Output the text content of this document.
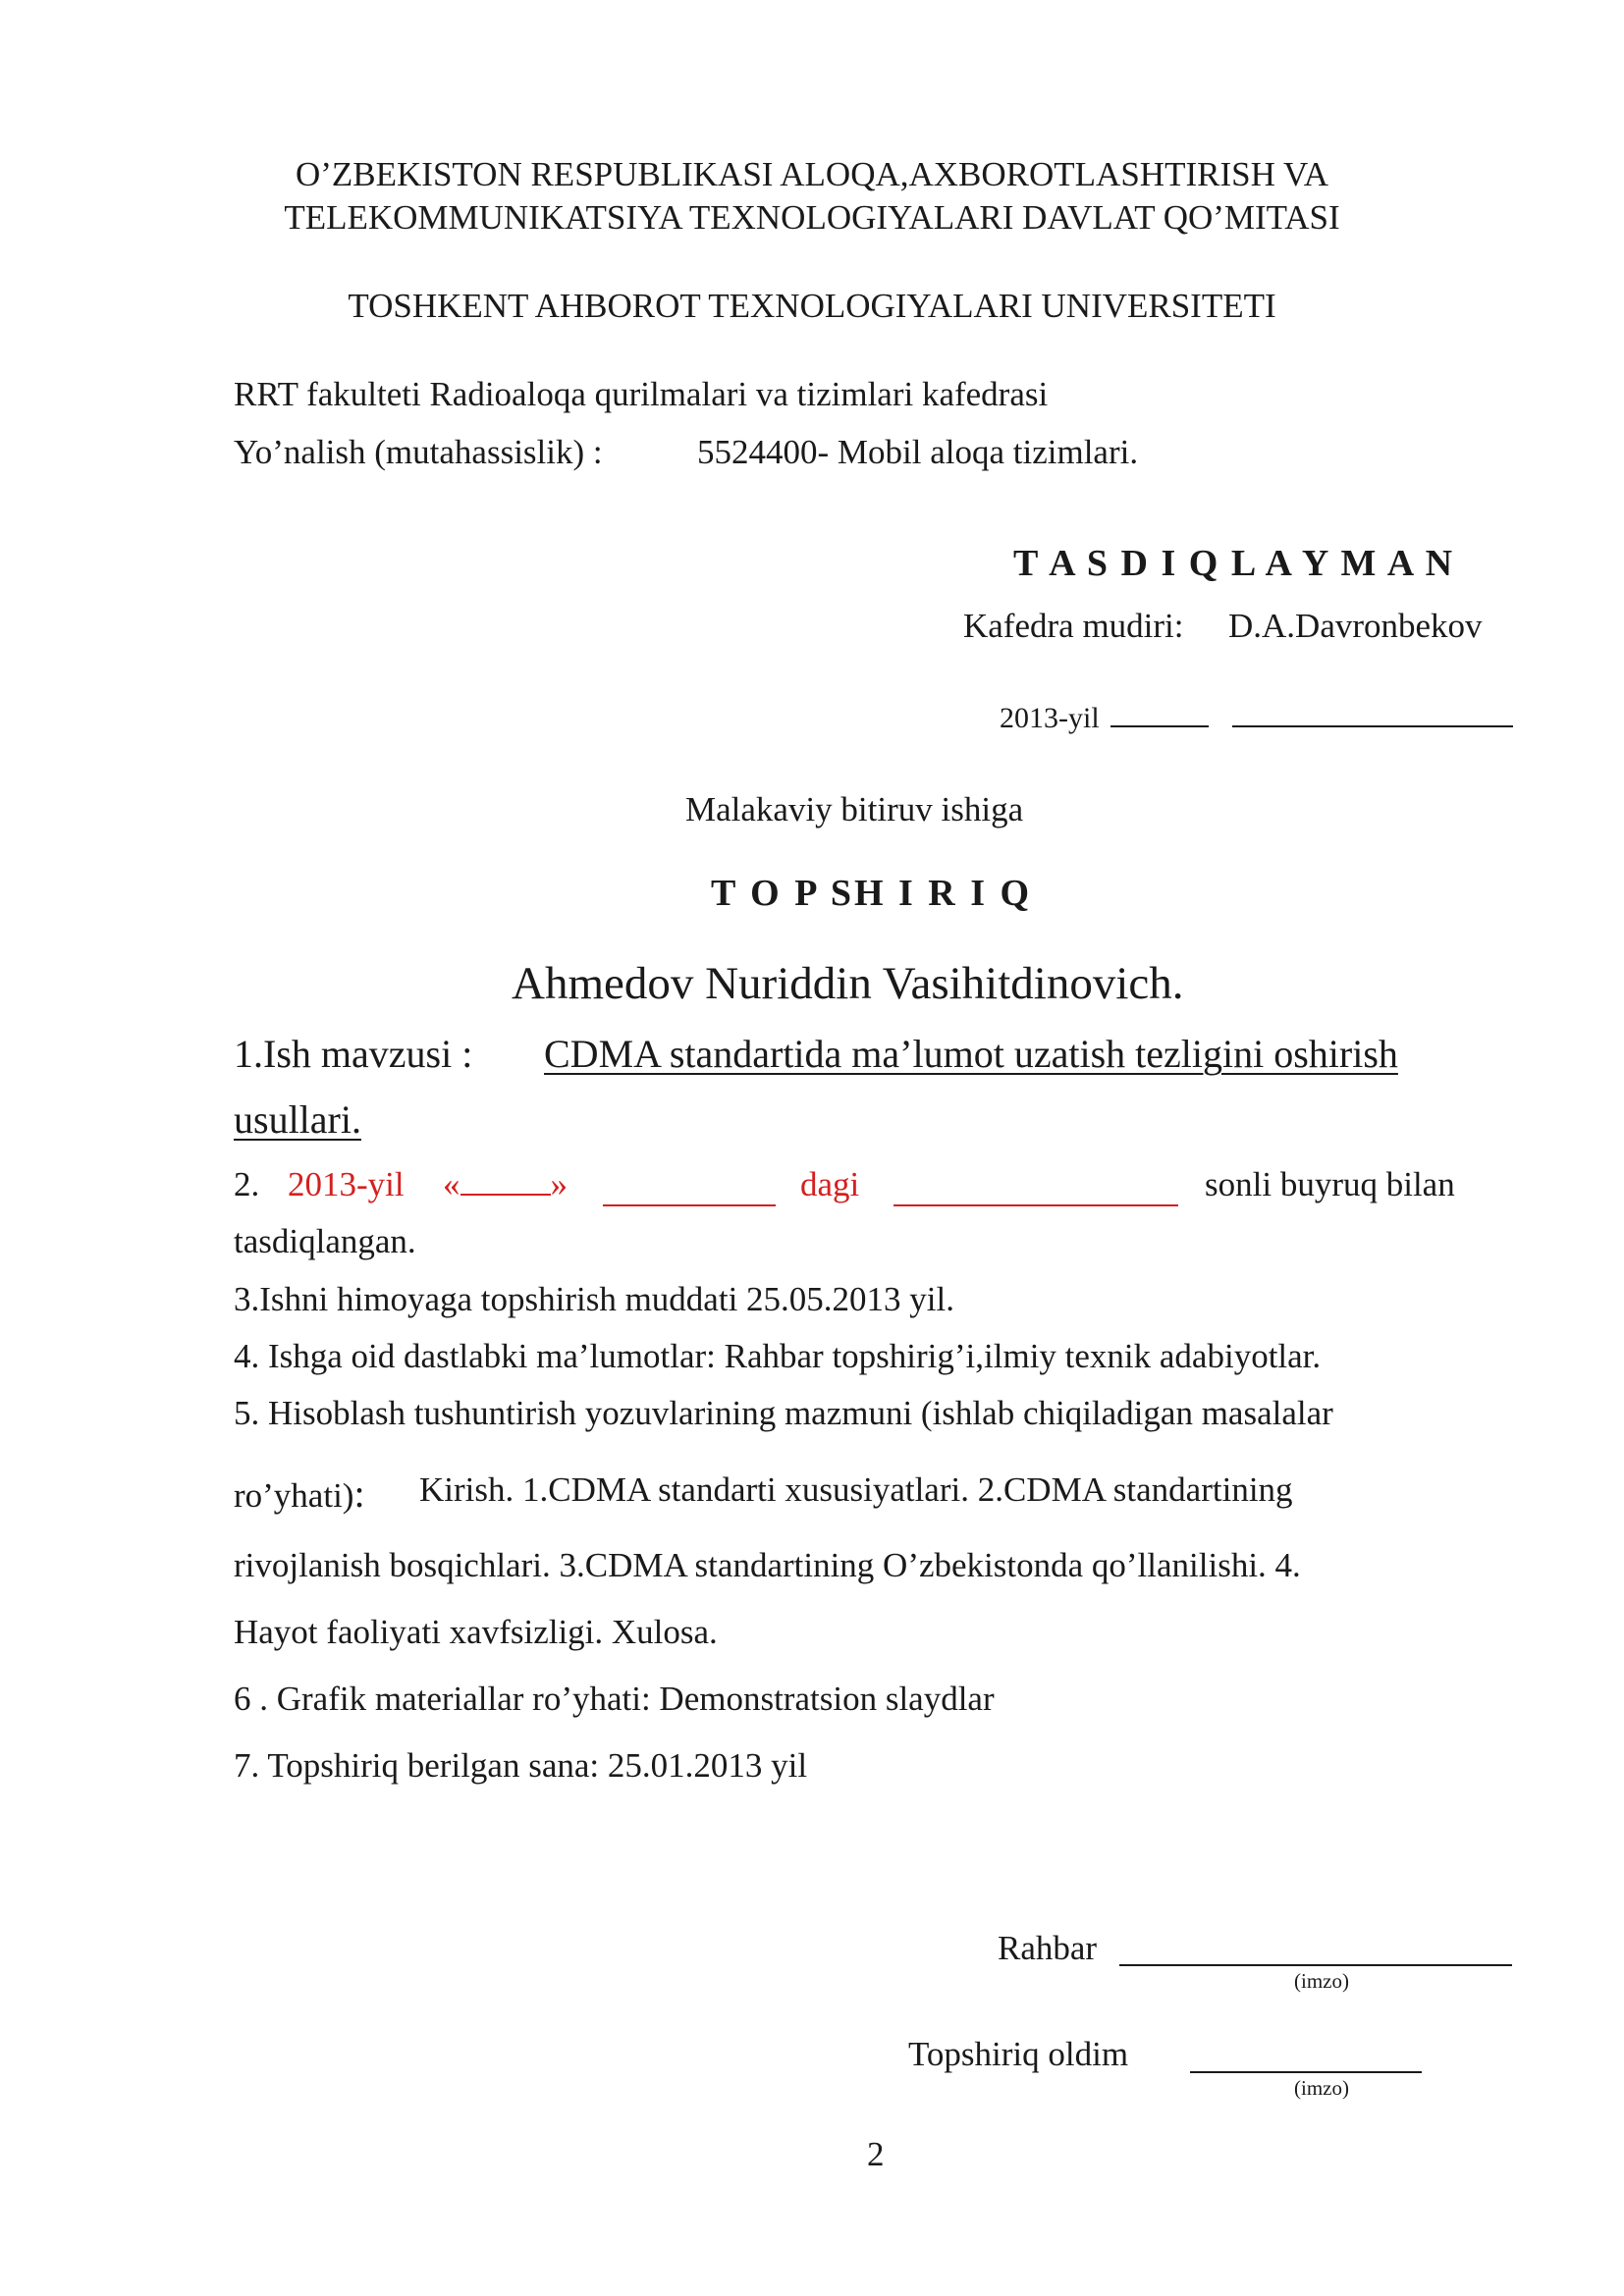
O’ZBEKISTON RESPUBLIKASI ALOQA,AXBOROTLASHTIRISH VA
TELEKOMMUNIKATSIYA TEXNOLOGIYALARI DAVLAT QO’MITASI
TOSHKENT AHBOROT TEXNOLOGIYALARI UNIVERSITETI
RRT fakulteti Radioaloqa qurilmalari va tizimlari kafedrasi
Yo’nalish (mutahassislik) :	5524400- Mobil aloqa tizimlari.
T A S D I Q L A Y M A N
Kafedra mudiri: D.A.Davronbekov
2013-yil
Malakaviy bitiruv ishiga
T O P SH I R I Q
Ahmedov Nuriddin Vasihitdinovich.
1.Ish mavzusi : CDMA standartida ma’lumot uzatish tezligini oshirish
usullari.
2. 2013-yil «	»	dagi	sonli buyruq bilan
tasdiqlangan.
3.Ishni himoyaga topshirish muddati 25.05.2013 yil.
4. Ishga oid dastlabki ma’lumotlar: Rahbar topshirig’i,ilmiy texnik adabiyotlar.
5. Hisoblash tushuntirish yozuvlarining mazmuni (ishlab chiqiladigan masalalar
ro’yhati): Kirish. 1.CDMA standarti xususiyatlari. 2.CDMA standartining
rivojlanish bosqichlari. 3.CDMA standartining O’zbekistonda qo’llanilishi. 4.
Hayot faoliyati xavfsizligi. Xulosa.
6 . Grafik materiallar ro’yhati: Demonstratsion slaydlar
7. Topshiriq berilgan sana: 25.01.2013 yil
Rahbar
(imzo)
Topshiriq oldim
(imzo)
2
